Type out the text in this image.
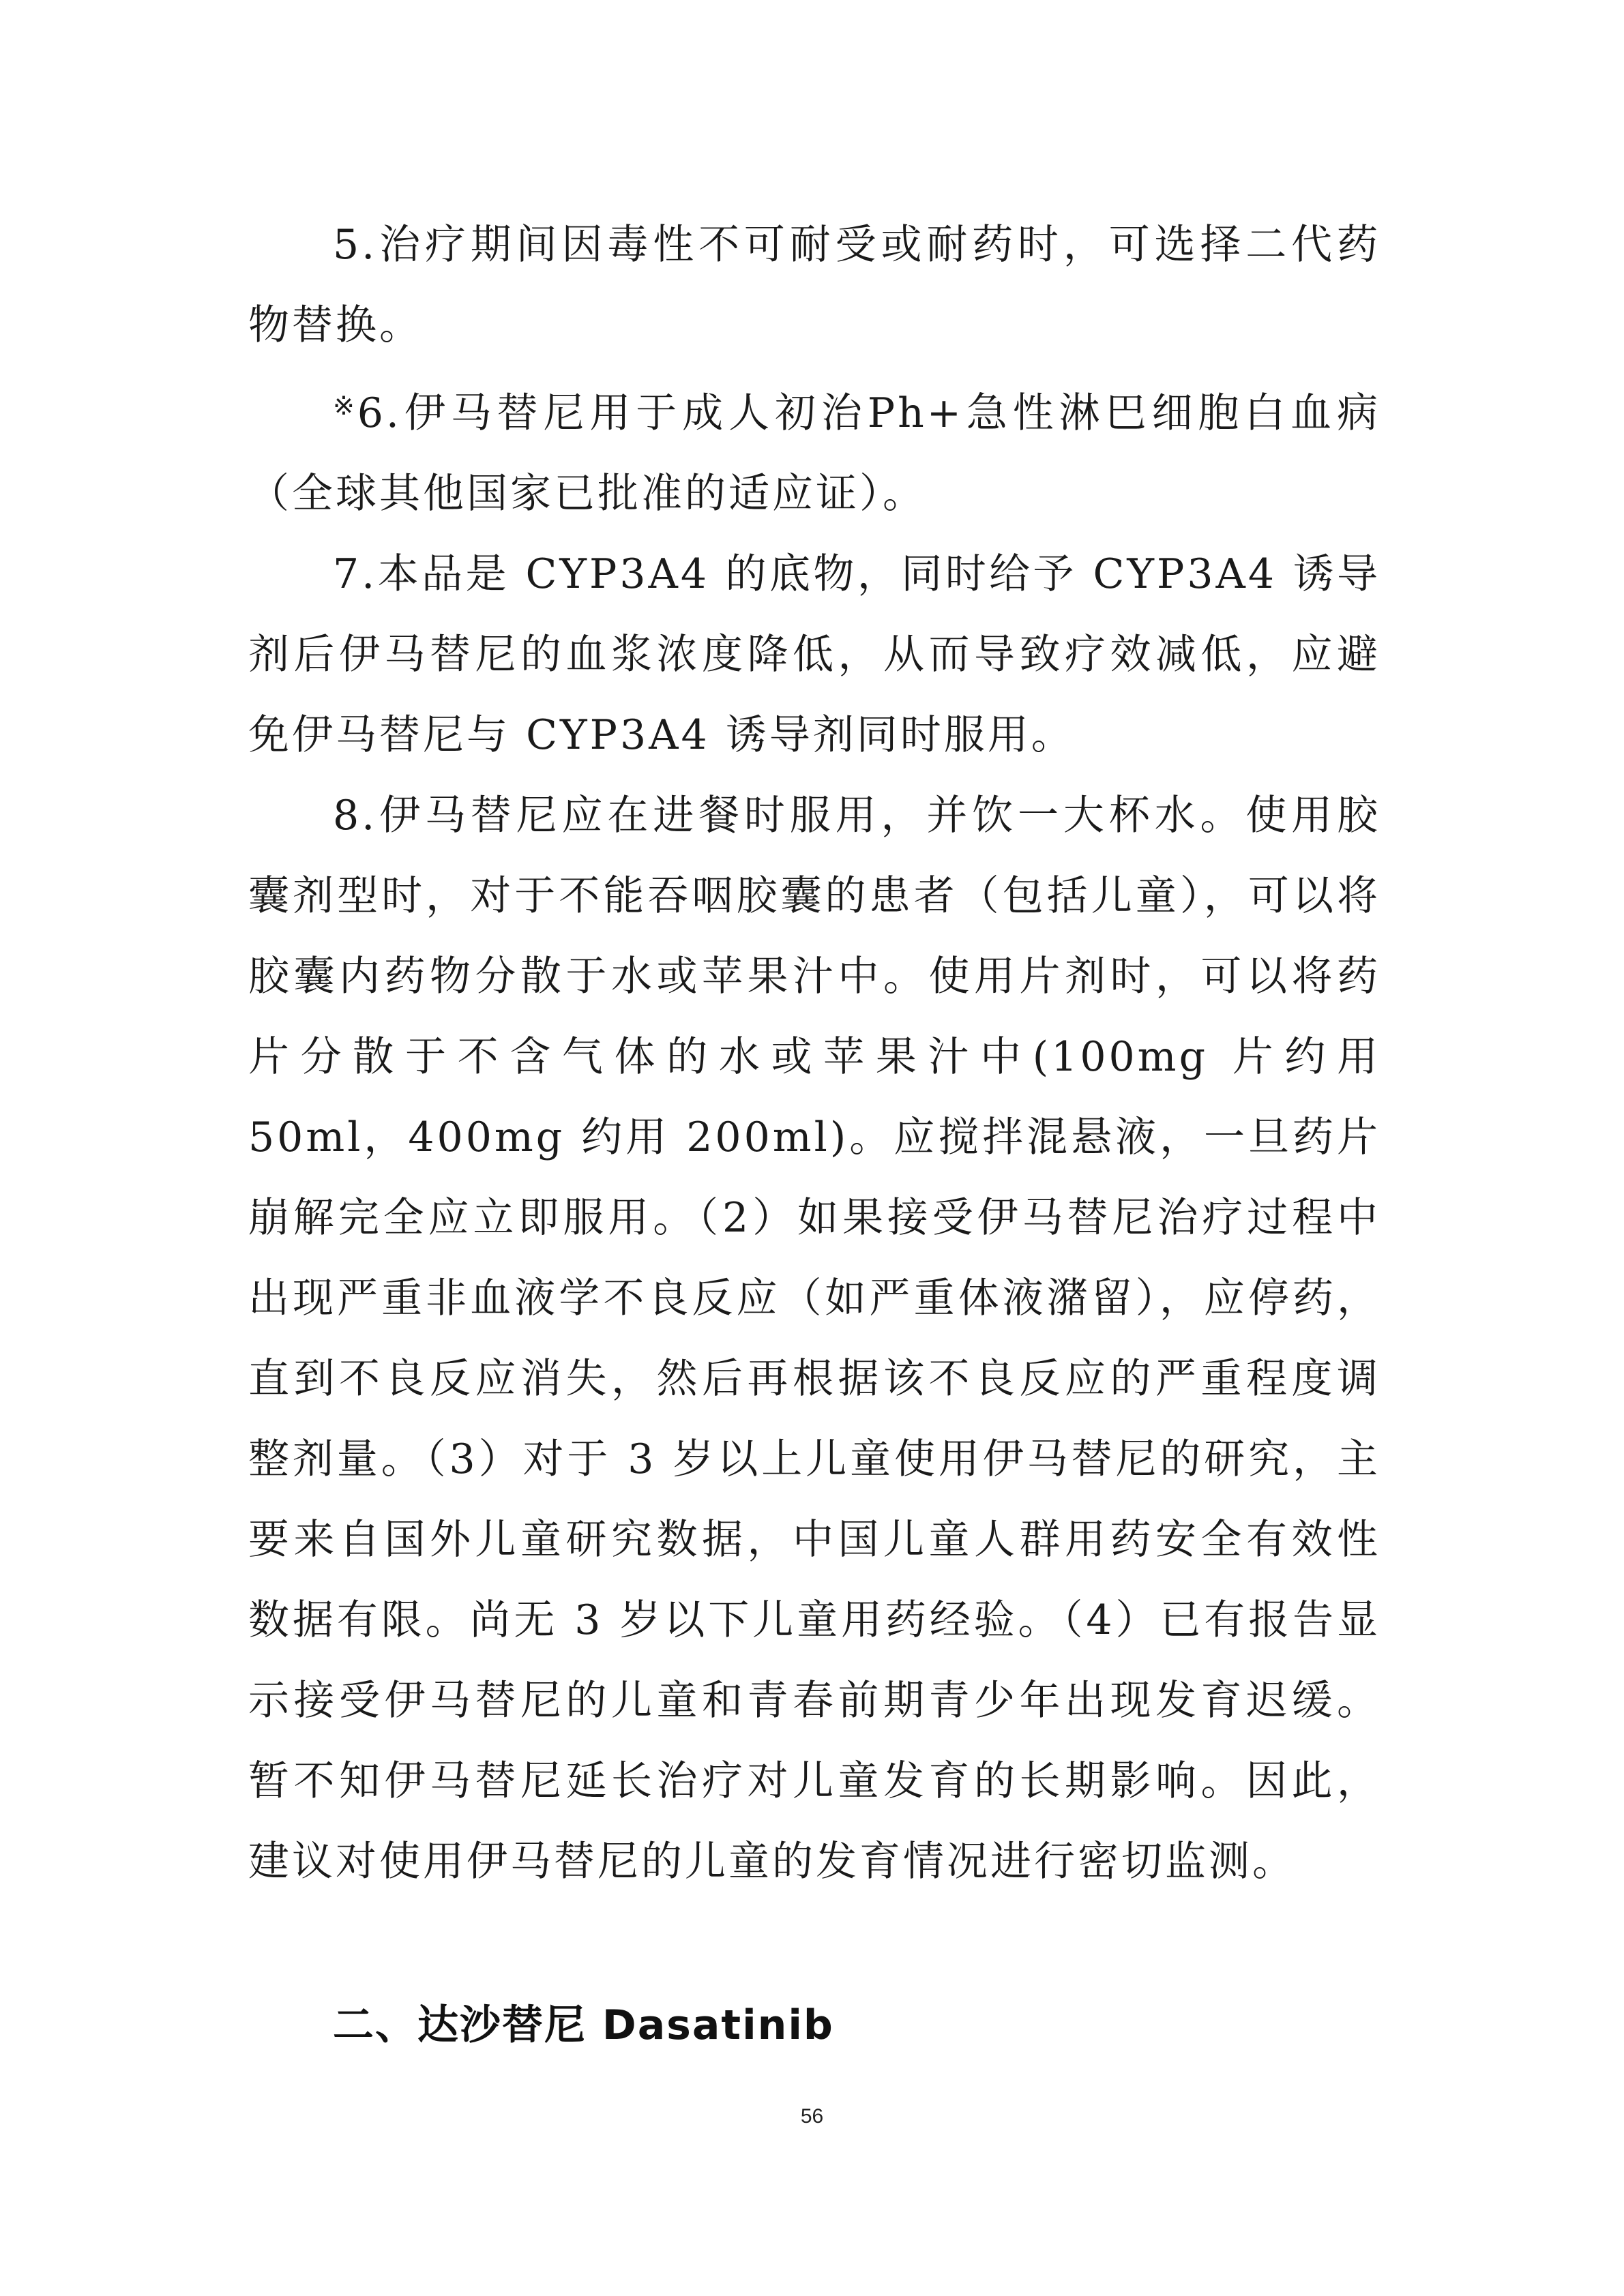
5.治疗期间因毒性不可耐受或耐药时，可选择二代药物替换。

※6.伊马替尼用于成人初治Ph+急性淋巴细胞白血病（全球其他国家已批准的适应证）。

7.本品是 CYP3A4 的底物，同时给予 CYP3A4 诱导剂后伊马替尼的血浆浓度降低，从而导致疗效减低，应避免伊马替尼与 CYP3A4 诱导剂同时服用。

8.伊马替尼应在进餐时服用，并饮一大杯水。使用胶囊剂型时，对于不能吞咽胶囊的患者（包括儿童），可以将胶囊内药物分散于水或苹果汁中。使用片剂时，可以将药片分散于不含气体的水或苹果汁中(100mg 片约用 50ml，400mg 约用 200ml)。应搅拌混悬液，一旦药片崩解完全应立即服用。（2）如果接受伊马替尼治疗过程中出现严重非血液学不良反应（如严重体液潴留），应停药，直到不良反应消失，然后再根据该不良反应的严重程度调整剂量。（3）对于 3 岁以上儿童使用伊马替尼的研究，主要来自国外儿童研究数据，中国儿童人群用药安全有效性数据有限。尚无 3 岁以下儿童用药经验。（4）已有报告显示接受伊马替尼的儿童和青春前期青少年出现发育迟缓。暂不知伊马替尼延长治疗对儿童发育的长期影响。因此，建议对使用伊马替尼的儿童的发育情况进行密切监测。

二、达沙替尼 Dasatinib
56
